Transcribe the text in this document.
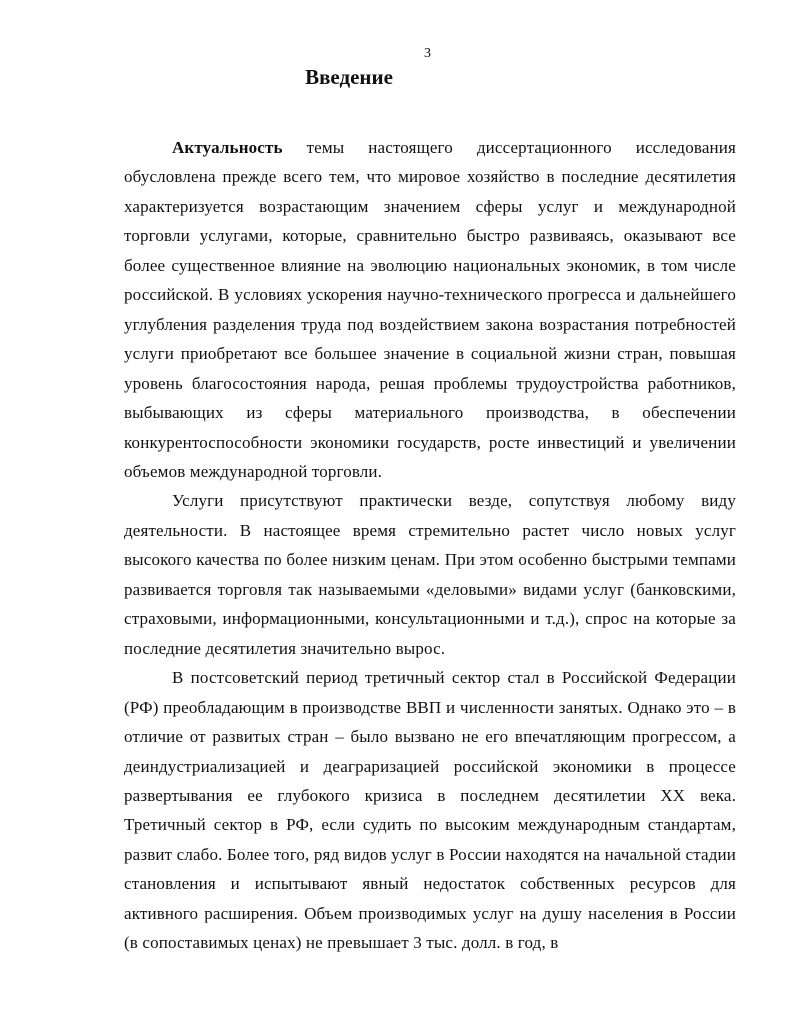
3
Введение

Актуальность темы настоящего диссертационного исследования обусловлена прежде всего тем, что мировое хозяйство в последние десятилетия характеризуется возрастающим значением сферы услуг и международной торговли услугами, которые, сравнительно быстро развиваясь, оказывают все более существенное влияние на эволюцию национальных экономик, в том числе российской. В условиях ускорения научно-технического прогресса и дальнейшего углубления разделения труда под воздействием закона возрастания потребностей услуги приобретают все большее значение в социальной жизни стран, повышая уровень благосостояния народа, решая проблемы трудоустройства работников, выбывающих из сферы материального производства, в обеспечении конкурентоспособности экономики государств, росте инвестиций и увеличении объемов международной торговли.

Услуги присутствуют практически везде, сопутствуя любому виду деятельности. В настоящее время стремительно растет число новых услуг высокого качества по более низким ценам. При этом особенно быстрыми темпами развивается торговля так называемыми «деловыми» видами услуг (банковскими, страховыми, информационными, консультационными и т.д.), спрос на которые за последние десятилетия значительно вырос.

В постсоветский период третичный сектор стал в Российской Федерации (РФ) преобладающим в производстве ВВП и численности занятых. Однако это – в отличие от развитых стран – было вызвано не его впечатляющим прогрессом, а деиндустриализацией и деаграризацией российской экономики в процессе развертывания ее глубокого кризиса в последнем десятилетии XX века. Третичный сектор в РФ, если судить по высоким международным стандартам, развит слабо. Более того, ряд видов услуг в России находятся на начальной стадии становления и испытывают явный недостаток собственных ресурсов для активного расширения. Объем производимых услуг на душу населения в России (в сопоставимых ценах) не превышает 3 тыс. долл. в год, в
